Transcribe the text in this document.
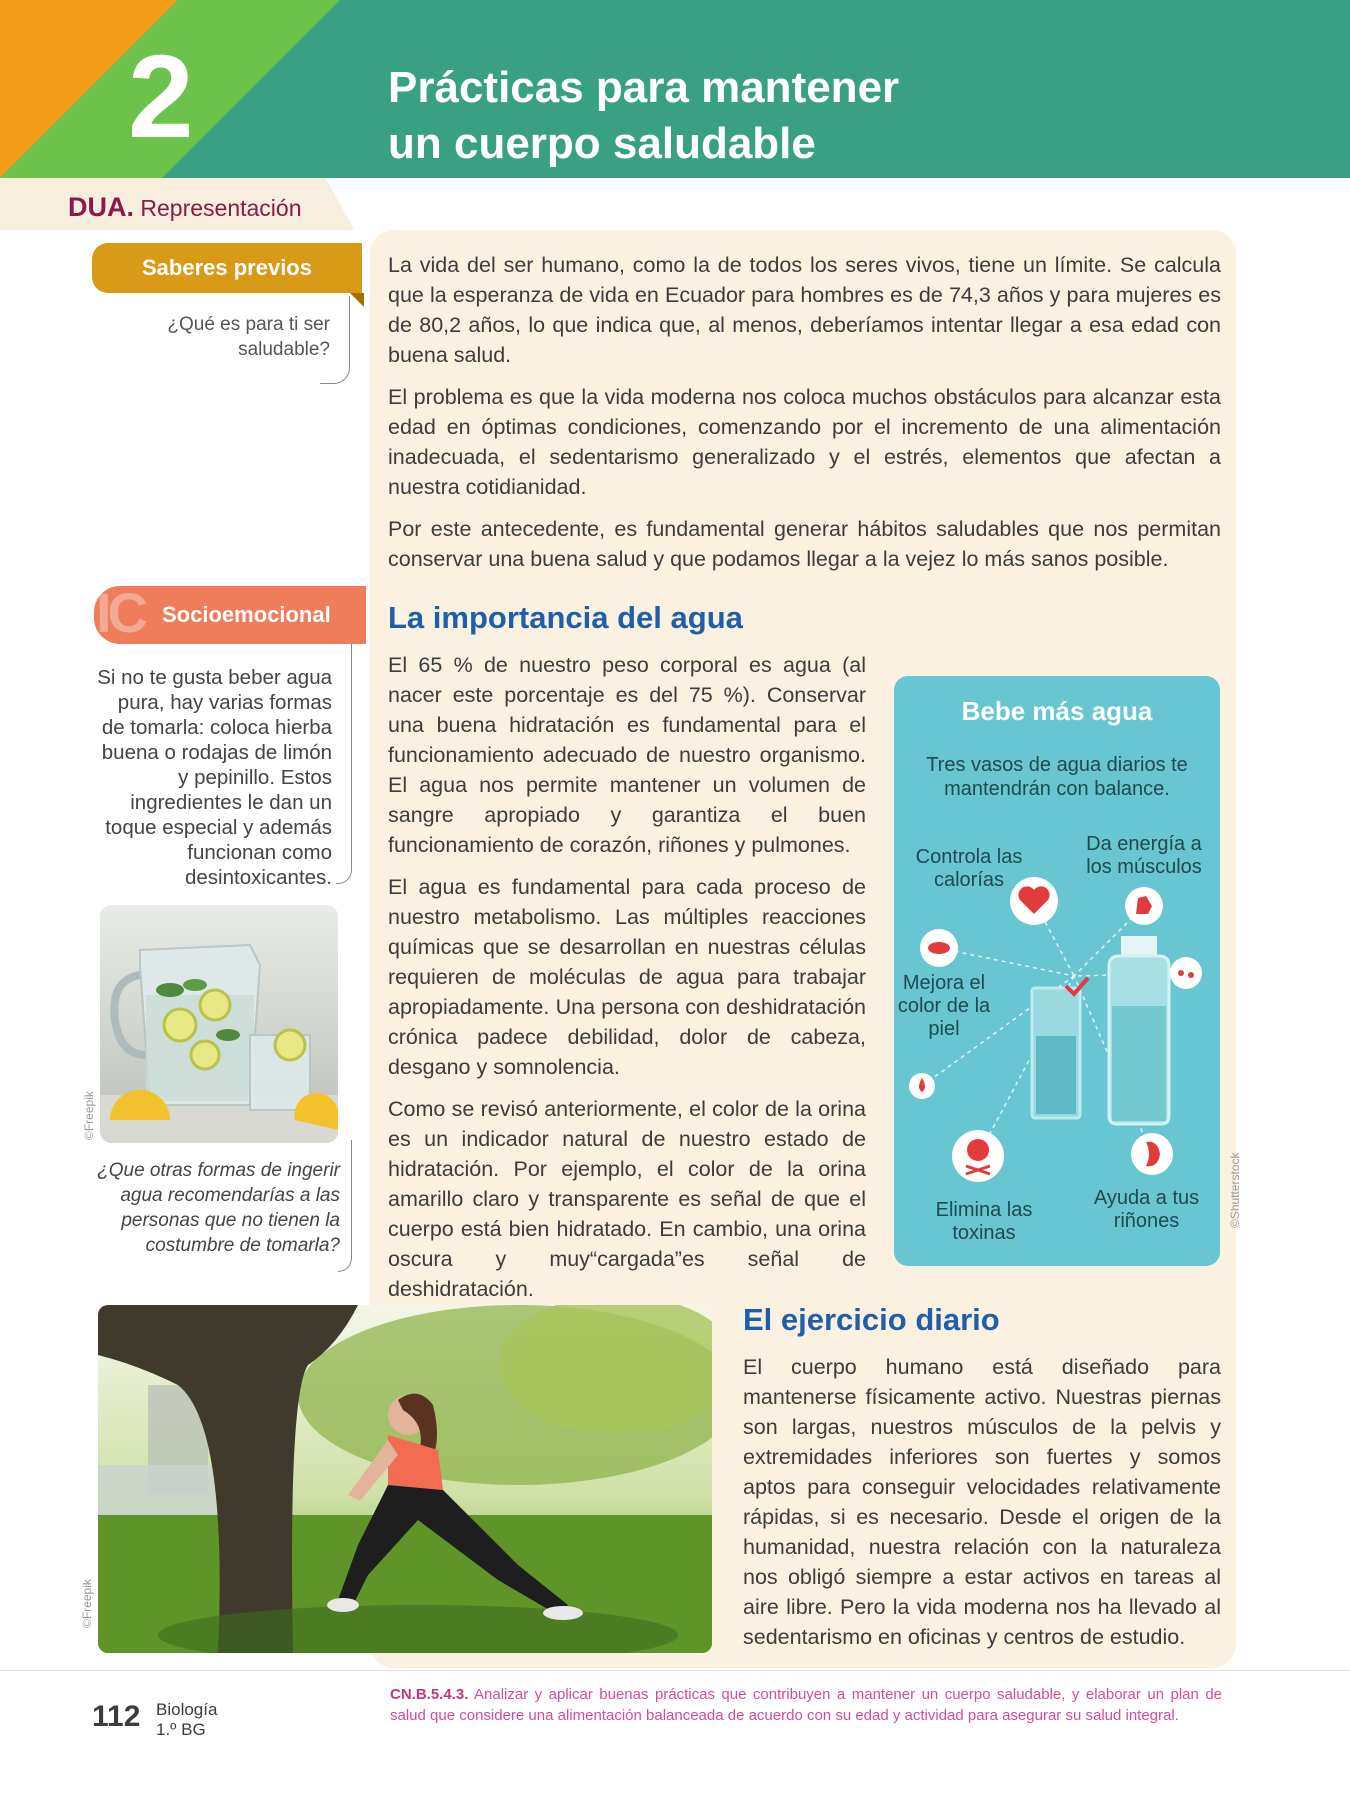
2	Prácticas para mantener
un cuerpo saludable
DUA. Representación

La vida del ser humano, como la de todos los seres vivos, tiene un límite. Se calcula que la esperanza de vida en Ecuador para hombres es de 74,3 años y para mujeres es de 80,2 años, lo que indica que, al menos, deberíamos intentar llegar a esa edad con buena salud.

El problema es que la vida moderna nos coloca muchos obstáculos para alcanzar esta edad en óptimas condiciones, comenzando por el incremento de una alimentación inadecuada, el sedentarismo generalizado y el estrés, elementos que afectan a nuestra cotidianidad.

Por este antecedente, es fundamental generar hábitos saludables que nos permitan conservar una buena salud y que podamos llegar a la vejez lo más sanos posible.

Saberes previos
¿Qué es para ti ser saludable?
IC Socioemocional
Si no te gusta beber agua pura, hay varias formas de tomarla: coloca hierba buena o rodajas de limón y pepinillo. Estos ingredientes le dan un toque especial y además funcionan como desintoxicantes.
©Freepik
¿Que otras formas de ingerir agua recomendarías a las personas que no tienen la costumbre de tomarla?
La importancia del agua

El 65 % de nuestro peso corporal es agua (al nacer este porcentaje es del 75 %). Conservar una buena hidratación es fundamental para el funcionamiento adecuado de nuestro organismo. El agua nos permite mantener un volumen de sangre apropiado y garantiza el buen funcionamiento de corazón, riñones y pulmones.

El agua es fundamental para cada proceso de nuestro metabolismo. Las múltiples reacciones químicas que se desarrollan en nuestras células requieren de moléculas de agua para trabajar apropiadamente. Una persona con deshidratación crónica padece debilidad, dolor de cabeza, desgano y somnolencia.

Como se revisó anteriormente, el color de la orina es un indicador natural de nuestro estado de hidratación. Por ejemplo, el color de la orina amarillo claro y transparente es señal de que el cuerpo está bien hidratado. En cambio, una orina oscura y muy“cargada”es señal de deshidratación.

Bebe más agua
Tres vasos de agua diarios te mantendrán con balance.
Controla las calorías
Da energía a los músculos
Mejora el color de la piel
Elimina las toxinas
Ayuda a tus riñones	©Shutterstock
©Freepik
El ejercicio diario

El cuerpo humano está diseñado para mantenerse físicamente activo. Nuestras piernas son largas, nuestros músculos de la pelvis y extremidades inferiores son fuertes y somos aptos para conseguir velocidades relativamente rápidas, si es necesario. Desde el origen de la humanidad, nuestra relación con la naturaleza nos obligó siempre a estar activos en tareas al aire libre. Pero la vida moderna nos ha llevado al sedentarismo en oficinas y centros de estudio.

112 Biología
1.º BG
CN.B.5.4.3. Analizar y aplicar buenas prácticas que contribuyen a mantener un cuerpo saludable, y elaborar un plan de salud que considere una alimentación balanceada de acuerdo con su edad y actividad para asegurar su salud integral.
